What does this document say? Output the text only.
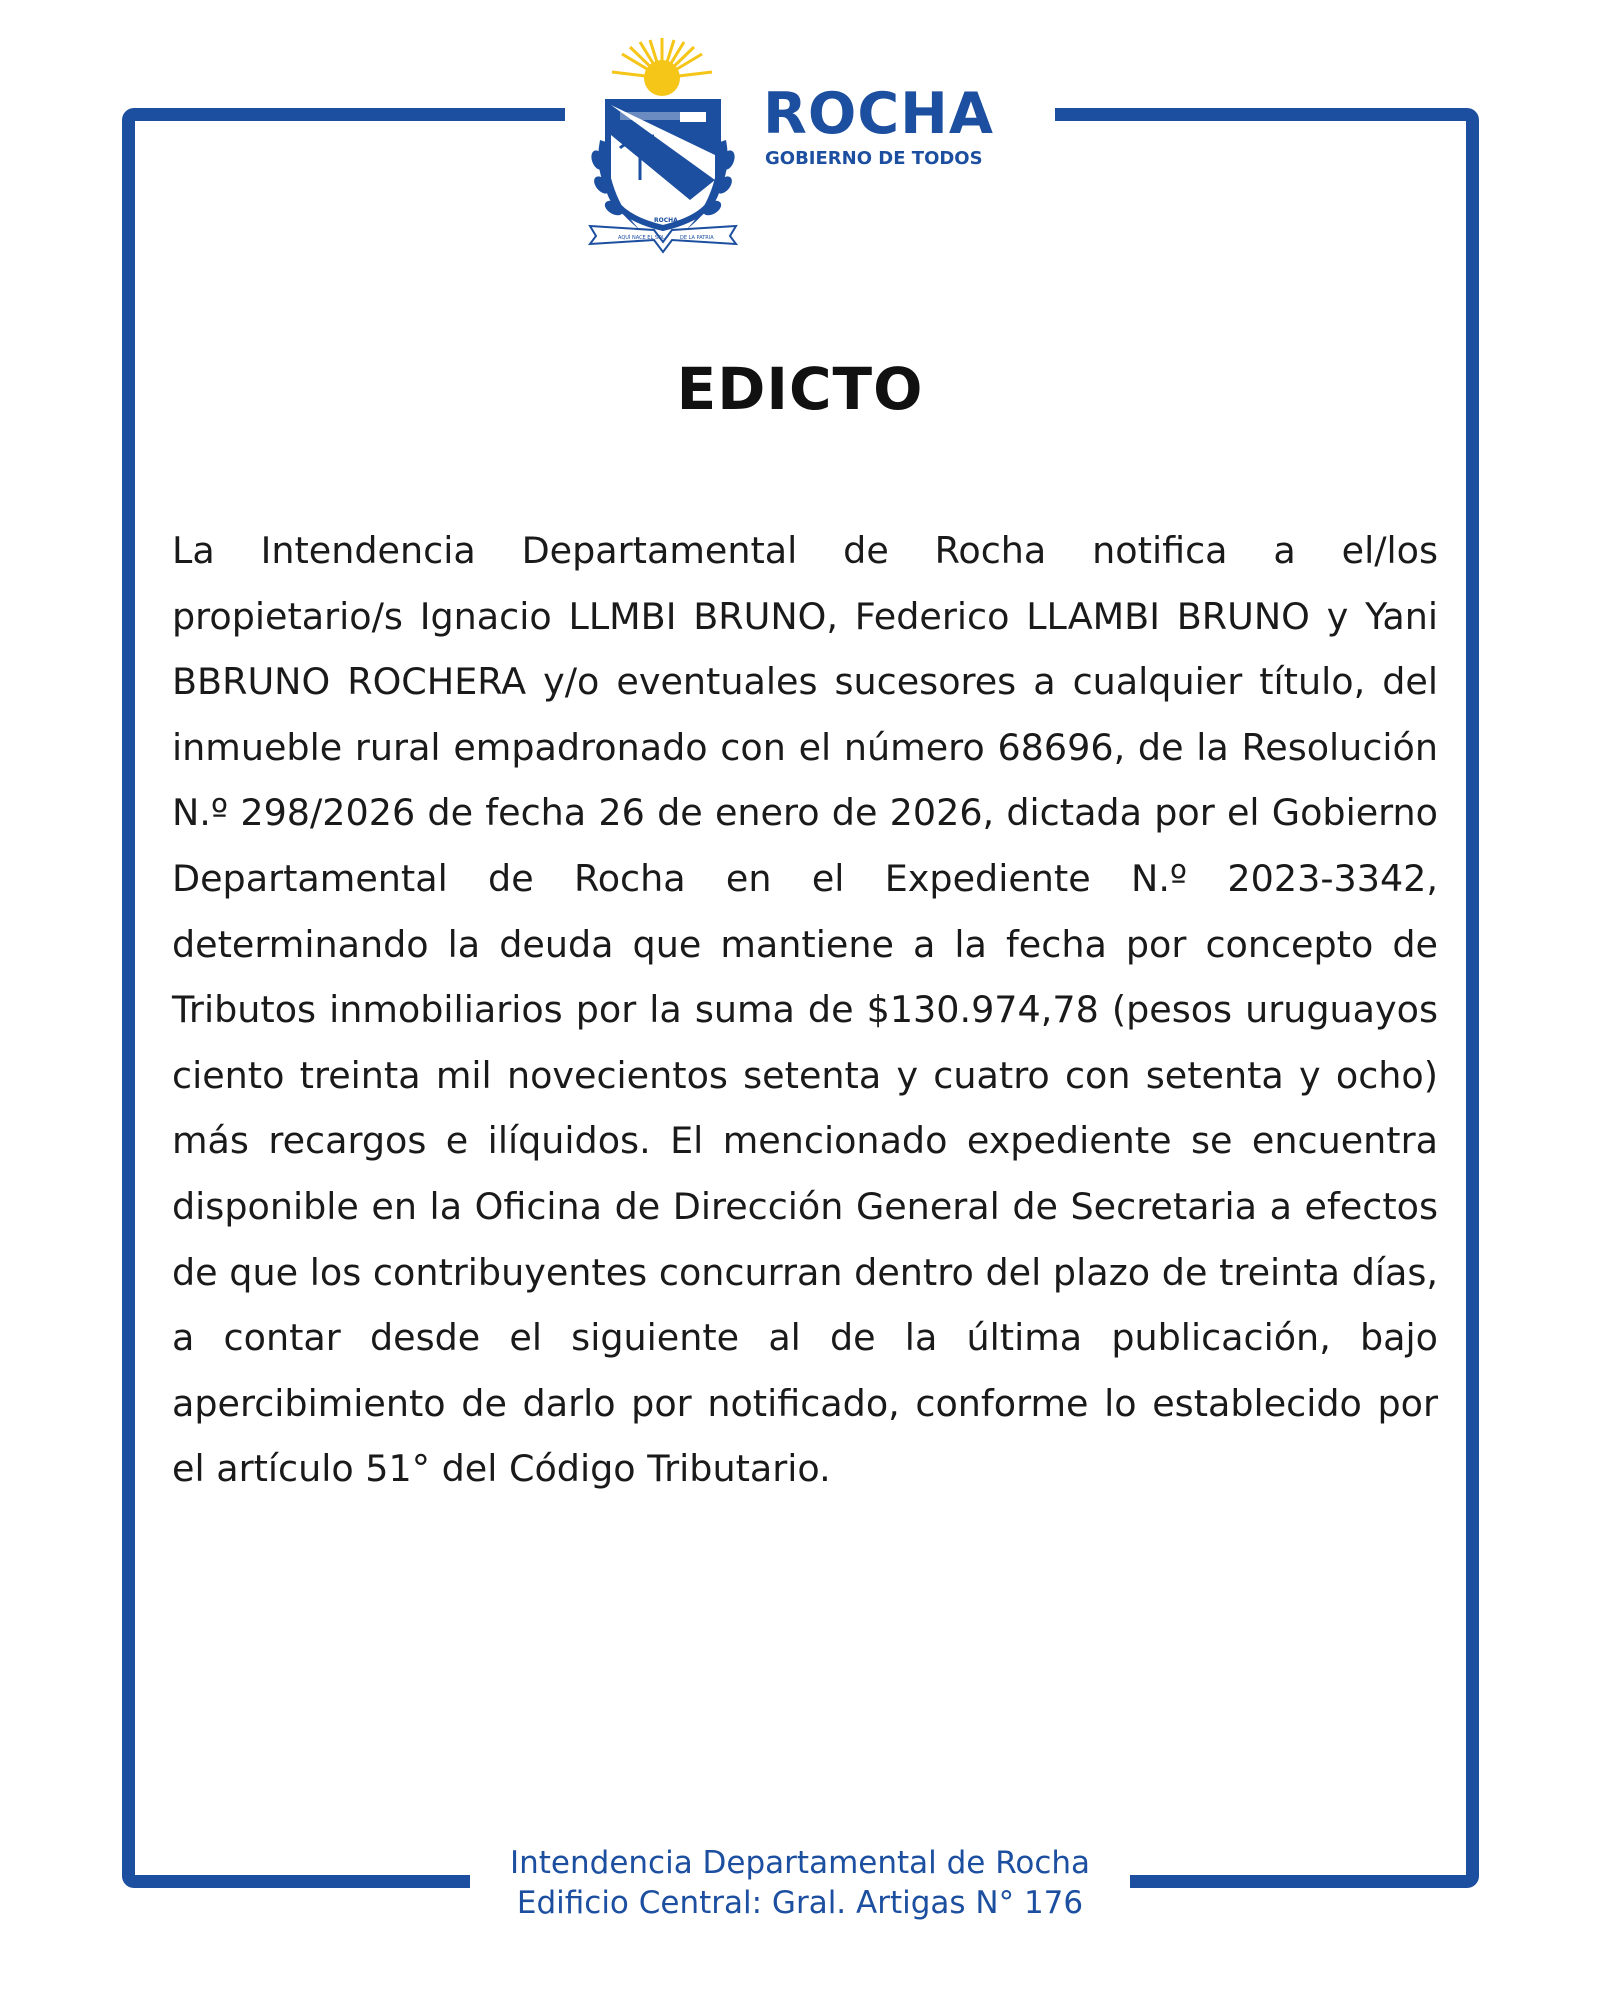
AQUÍ NACE EL SOL	DE LA PATRIA
ROCHA
ROCHA
GOBIERNO DE TODOS
EDICTO

La Intendencia Departamental de Rocha notifica a el/los propietario/s Ignacio LLMBI BRUNO, Federico LLAMBI BRUNO y Yani BBRUNO ROCHERA y/o eventuales sucesores a cualquier título, del inmueble rural empadronado con el número 68696, de la Resolución N.º 298/2026 de fecha 26 de enero de 2026, dictada por el Gobierno Departamental de Rocha en el Expediente N.º 2023-3342, determinando la deuda que mantiene a la fecha por concepto de Tributos inmobiliarios por la suma de $130.974,78 (pesos uruguayos ciento treinta mil novecientos setenta y cuatro con setenta y ocho) más recargos e ilíquidos. El mencionado expediente se encuentra disponible en la Oficina de Dirección General de Secretaria a efectos de que los contribuyentes concurran dentro del plazo de treinta días, a contar desde el siguiente al de la última publicación, bajo apercibimiento de darlo por notificado, conforme lo establecido por el artículo 51° del Código Tributario.

Intendencia Departamental de Rocha
Edificio Central: Gral. Artigas N° 176
